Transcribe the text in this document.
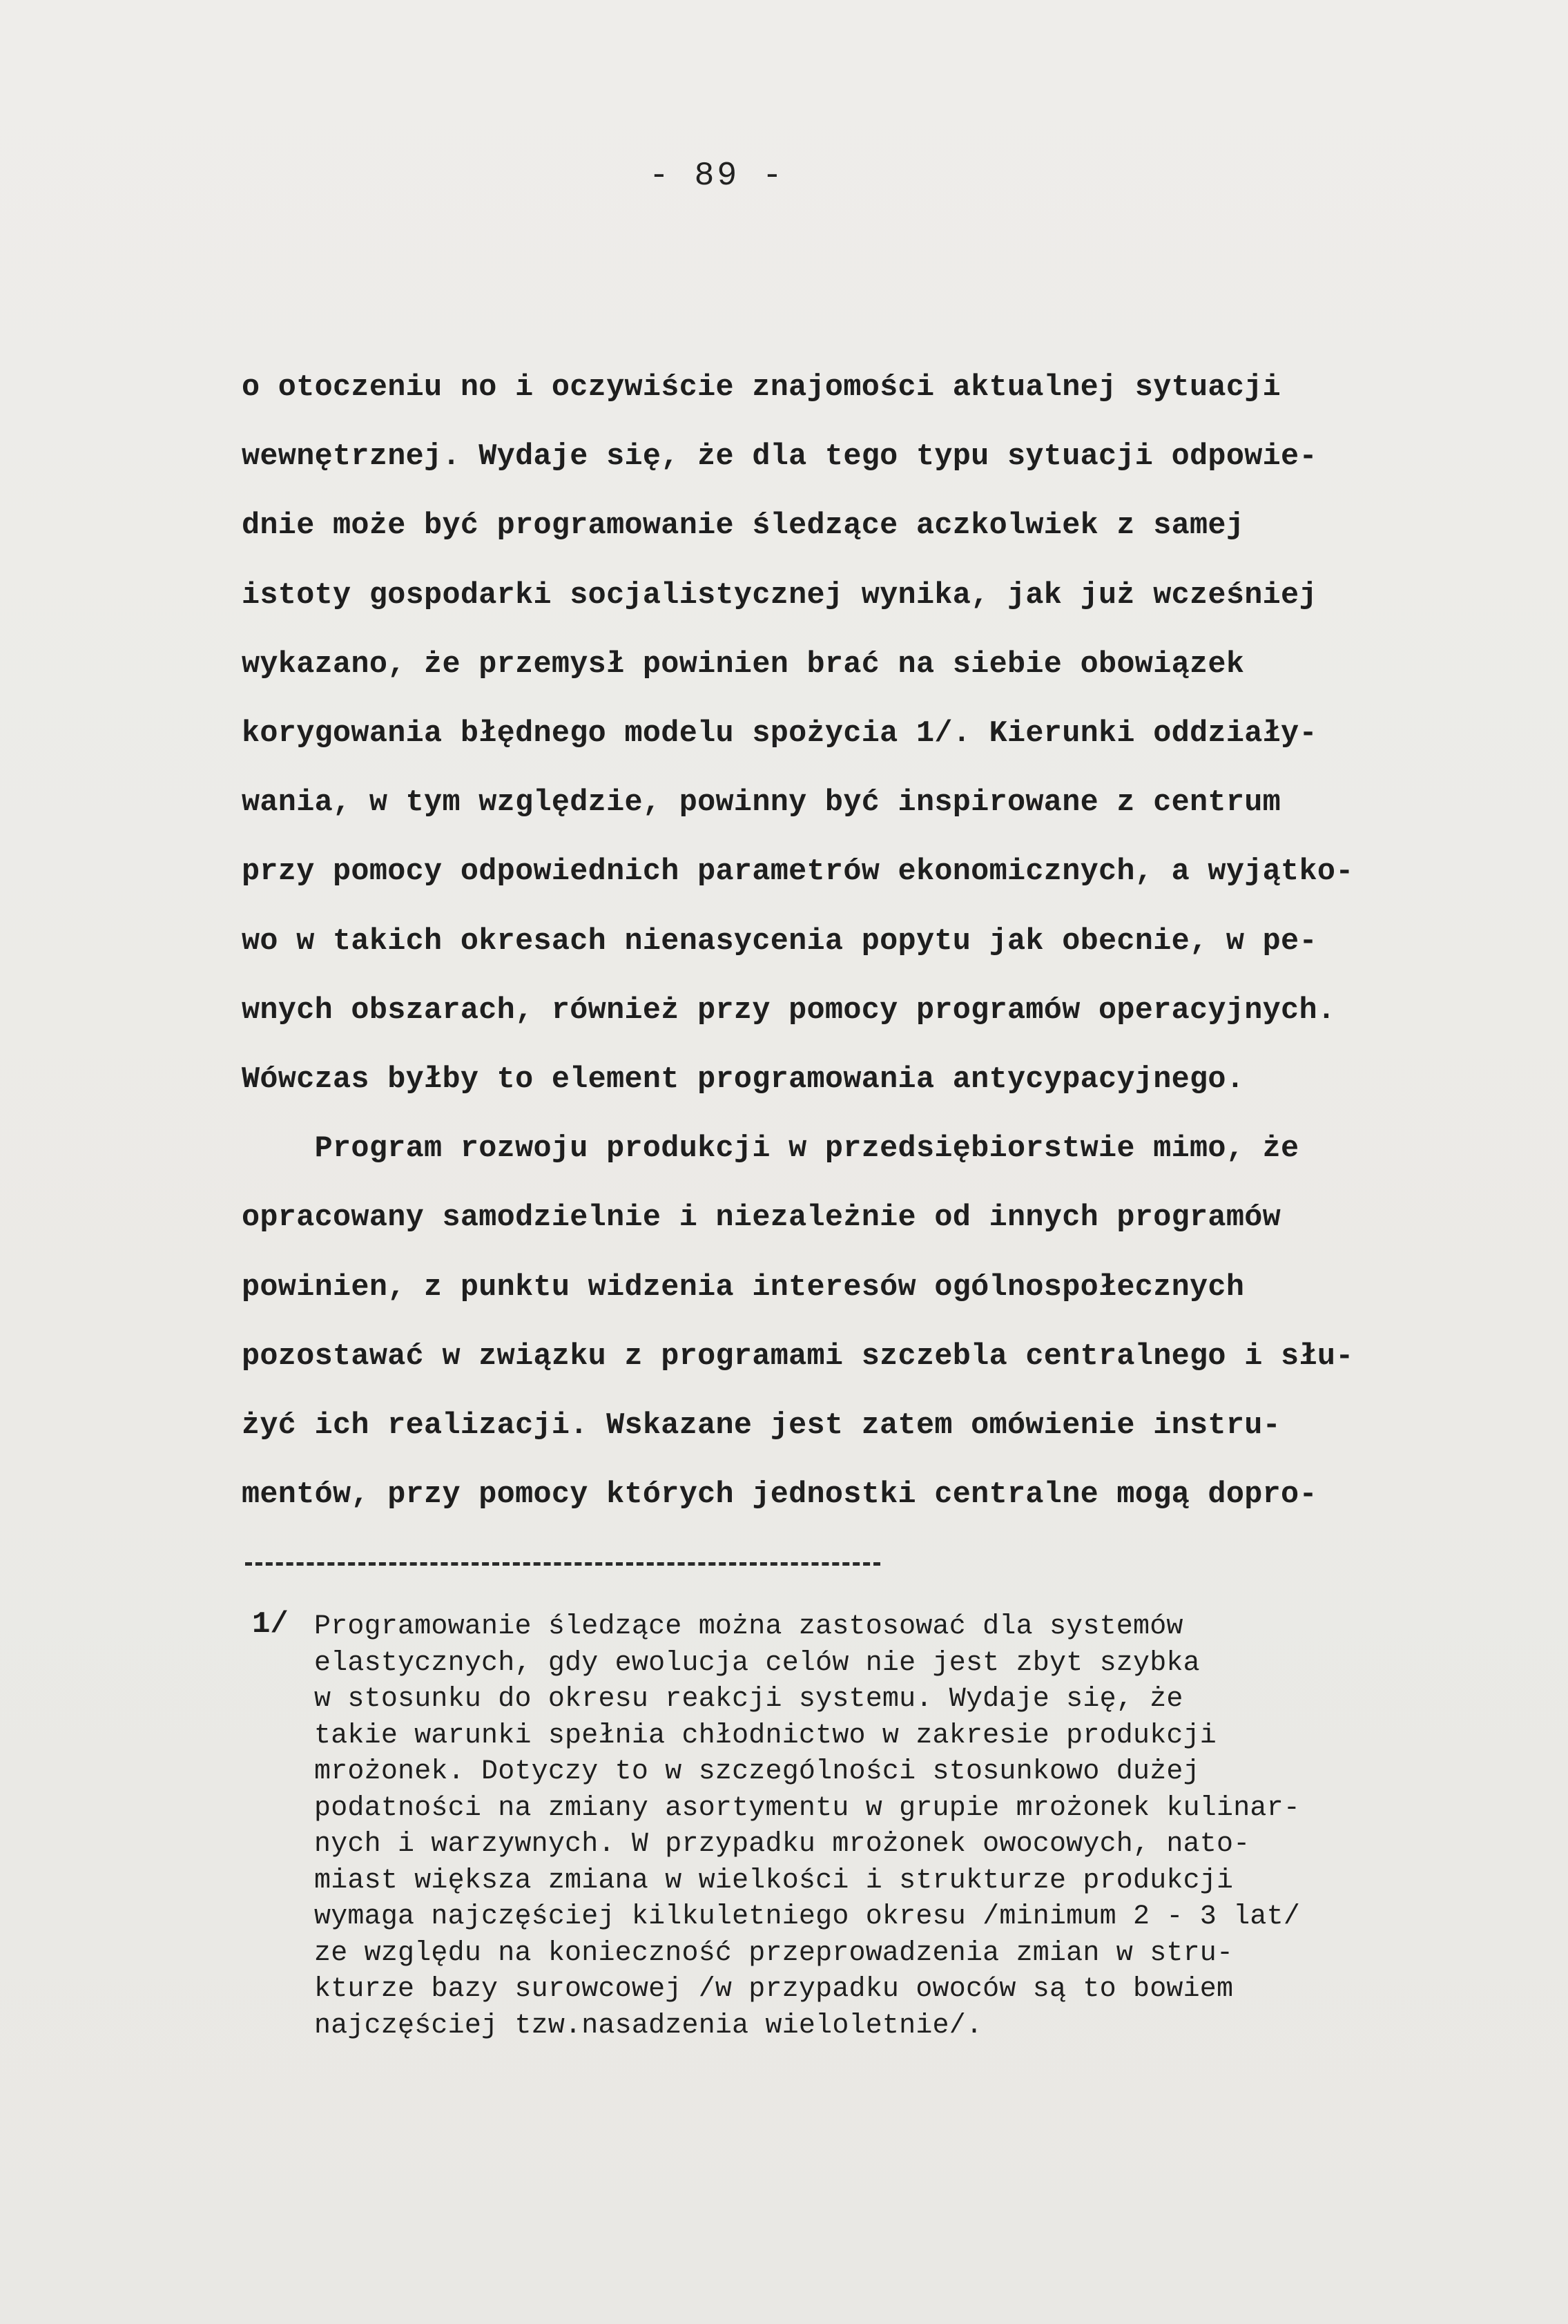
- 89 -
o otoczeniu no i oczywiście znajomości aktualnej sytuacji
wewnętrznej. Wydaje się, że dla tego typu sytuacji odpowie-
dnie może być programowanie śledzące aczkolwiek z samej
istoty gospodarki socjalistycznej wynika, jak już wcześniej
wykazano, że przemysł powinien brać na siebie obowiązek
korygowania błędnego modelu spożycia 1/. Kierunki oddziały-
wania, w tym względzie, powinny być inspirowane z centrum
przy pomocy odpowiednich parametrów ekonomicznych, a wyjątko-
wo w takich okresach nienasycenia popytu jak obecnie, w pe-
wnych obszarach, również przy pomocy programów operacyjnych.
Wówczas byłby to element programowania antycypacyjnego.
Program rozwoju produkcji w przedsiębiorstwie mimo, że
opracowany samodzielnie i niezależnie od innych programów
powinien, z punktu widzenia interesów ogólnospołecznych
pozostawać w związku z programami szczebla centralnego i słu-
żyć ich realizacji. Wskazane jest zatem omówienie instru-
mentów, przy pomocy których jednostki centralne mogą dopro-
1/ Programowanie śledzące można zastosować dla systemów
elastycznych, gdy ewolucja celów nie jest zbyt szybka
w stosunku do okresu reakcji systemu. Wydaje się, że
takie warunki spełnia chłodnictwo w zakresie produkcji
mrożonek. Dotyczy to w szczególności stosunkowo dużej
podatności na zmiany asortymentu w grupie mrożonek kulinar-
nych i warzywnych. W przypadku mrożonek owocowych, nato-
miast większa zmiana w wielkości i strukturze produkcji
wymaga najczęściej kilkuletniego okresu /minimum 2 - 3 lat/
ze względu na konieczność przeprowadzenia zmian w stru-
kturze bazy surowcowej /w przypadku owoców są to bowiem
najczęściej tzw.nasadzenia wieloletnie/.
